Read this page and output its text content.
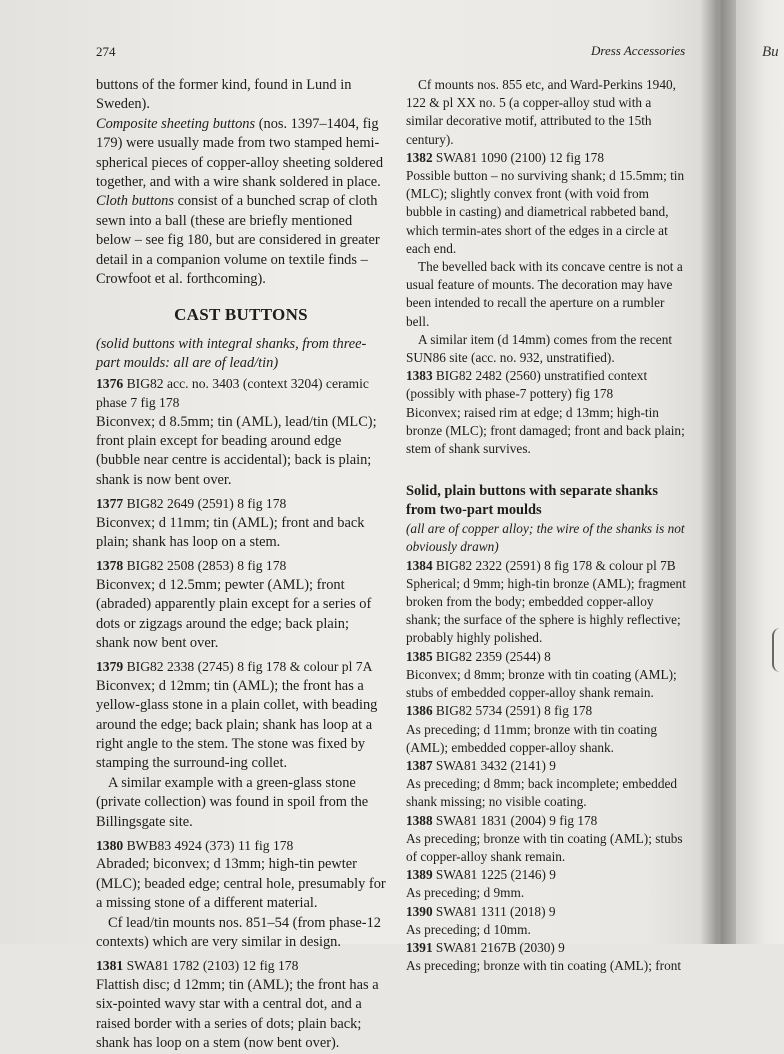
274	Dress Accessories

buttons of the former kind, found in Lund in Sweden).

Composite sheeting buttons (nos. 1397–1404, fig 179) were usually made from two stamped hemi-spherical pieces of copper-alloy sheeting soldered together, and with a wire shank soldered in place.

Cloth buttons consist of a bunched scrap of cloth sewn into a ball (these are briefly mentioned below – see fig 180, but are considered in greater detail in a companion volume on textile finds – Crowfoot et al. forthcoming).

CAST BUTTONS

(solid buttons with integral shanks, from three-part moulds: all are of lead/tin)

1376 BIG82 acc. no. 3403 (context 3204) ceramic phase 7 fig 178

Biconvex; d 8.5mm; tin (AML), lead/tin (MLC); front plain except for beading around edge (bubble near centre is accidental); back is plain; shank is now bent over.

1377 BIG82 2649 (2591) 8 fig 178

Biconvex; d 11mm; tin (AML); front and back plain; shank has loop on a stem.

1378 BIG82 2508 (2853) 8 fig 178

Biconvex; d 12.5mm; pewter (AML); front (abraded) apparently plain except for a series of dots or zigzags around the edge; back plain; shank now bent over.

1379 BIG82 2338 (2745) 8 fig 178 & colour pl 7A

Biconvex; d 12mm; tin (AML); the front has a yellow-glass stone in a plain collet, with beading around the edge; back plain; shank has loop at a right angle to the stem. The stone was fixed by stamping the surround-ing collet.

A similar example with a green-glass stone (private collection) was found in spoil from the Billingsgate site.

1380 BWB83 4924 (373) 11 fig 178

Abraded; biconvex; d 13mm; high-tin pewter (MLC); beaded edge; central hole, presumably for a missing stone of a different material.

Cf lead/tin mounts nos. 851–54 (from phase-12 contexts) which are very similar in design.

1381 SWA81 1782 (2103) 12 fig 178

Flattish disc; d 12mm; tin (AML); the front has a six-pointed wavy star with a central dot, and a raised border with a series of dots; plain back; shank has loop on a stem (now bent over).

Cf mounts nos. 855 etc, and Ward-Perkins 1940, 122 & pl XX no. 5 (a copper-alloy stud with a similar decorative motif, attributed to the 15th century).

1382 SWA81 1090 (2100) 12 fig 178

Possible button – no surviving shank; d 15.5mm; tin (MLC); slightly convex front (with void from bubble in casting) and diametrical rabbeted band, which termin-ates short of the edges in a circle at each end.

The bevelled back with its concave centre is not a usual feature of mounts. The decoration may have been intended to recall the aperture on a rumbler bell.

A similar item (d 14mm) comes from the recent SUN86 site (acc. no. 932, unstratified).

1383 BIG82 2482 (2560) unstratified context (possibly with phase-7 pottery) fig 178

Biconvex; raised rim at edge; d 13mm; high-tin bronze (MLC); front damaged; front and back plain; stem of shank survives.

Solid, plain buttons with separate shanks from two-part moulds

(all are of copper alloy; the wire of the shanks is not obviously drawn)

1384 BIG82 2322 (2591) 8 fig 178 & colour pl 7B

Spherical; d 9mm; high-tin bronze (AML); fragment broken from the body; embedded copper-alloy shank; the surface of the sphere is highly reflective; probably highly polished.

1385 BIG82 2359 (2544) 8

Biconvex; d 8mm; bronze with tin coating (AML); stubs of embedded copper-alloy shank remain.

1386 BIG82 5734 (2591) 8 fig 178

As preceding; d 11mm; bronze with tin coating (AML); embedded copper-alloy shank.

1387 SWA81 3432 (2141) 9

As preceding; d 8mm; back incomplete; embedded shank missing; no visible coating.

1388 SWA81 1831 (2004) 9 fig 178

As preceding; bronze with tin coating (AML); stubs of copper-alloy shank remain.

1389 SWA81 1225 (2146) 9

As preceding; d 9mm.

1390 SWA81 1311 (2018) 9

As preceding; d 10mm.

1391 SWA81 2167B (2030) 9

As preceding; bronze with tin coating (AML); front

Bu
